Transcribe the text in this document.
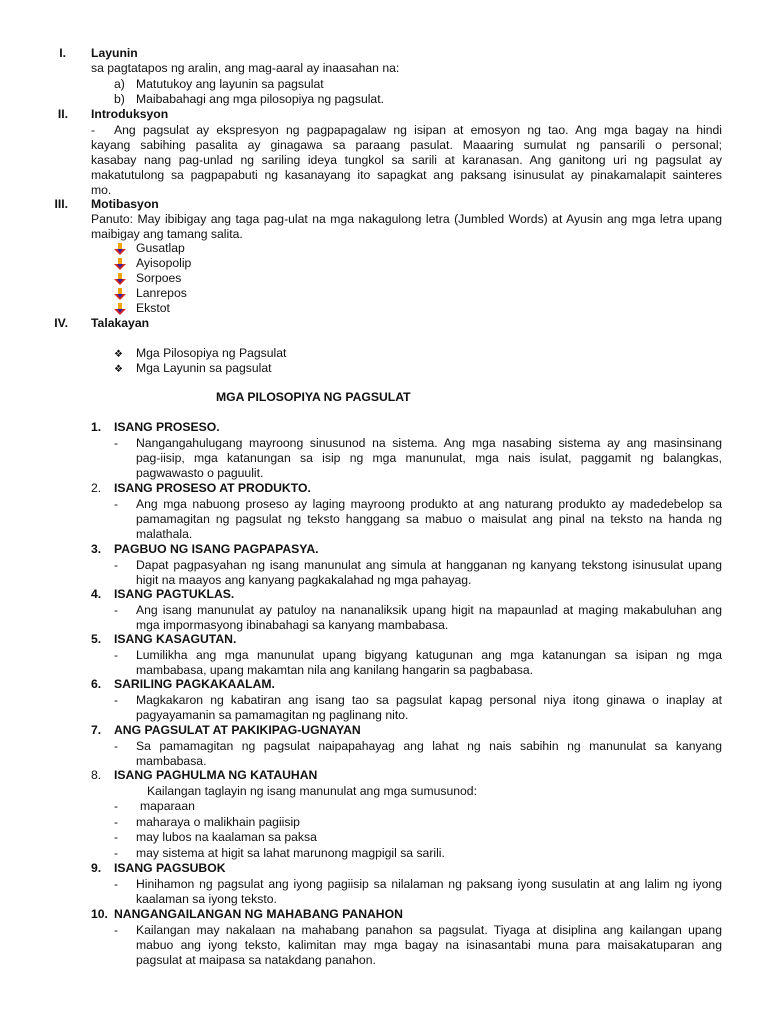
I. Layunin
sa pagtatapos ng aralin, ang mag-aaral ay inaasahan na:
a) Matutukoy ang layunin sa pagsulat
b) Maibabahagi ang mga pilosopiya ng pagsulat.
II. Introduksyon
- Ang pagsulat ay ekspresyon ng pagpapagalaw ng isipan at emosyon ng tao. Ang mga bagay na hindi
kayang sabihing pasalita ay ginagawa sa paraang pasulat. Maaaring sumulat ng pansarili o personal;
kasabay nang pag-unlad ng sariling ideya tungkol sa sarili at karanasan. Ang ganitong uri ng pagsulat ay
makatutulong sa pagpapabuti ng kasanayang ito sapagkat ang paksang isinusulat ay pinakamalapit sainteres
mo.
III. Motibasyon
Panuto: May ibibigay ang taga pag-ulat na mga nakagulong letra (Jumbled Words) at Ayusin ang mga letra upang
maibigay ang tamang salita.
Gusatlap
Ayisopolip
Sorpoes
Lanrepos
Ekstot
IV. Talakayan
❖ Mga Pilosopiya ng Pagsulat
❖ Mga Layunin sa pagsulat
MGA PILOSOPIYA NG PAGSULAT
1. ISANG PROSESO.
- Nangangahulugang mayroong sinusunod na sistema. Ang mga nasabing sistema ay ang masinsinang
pag-iisip, mga katanungan sa isip ng mga manunulat, mga nais isulat, paggamit ng balangkas,
pagwawasto o paguulit.
2. ISANG PROSESO AT PRODUKTO.
- Ang mga nabuong proseso ay laging mayroong produkto at ang naturang produkto ay madedebelop sa
pamamagitan ng pagsulat ng teksto hanggang sa mabuo o maisulat ang pinal na teksto na handa ng
malathala.
3. PAGBUO NG ISANG PAGPAPASYA.
- Dapat pagpasyahan ng isang manunulat ang simula at hangganan ng kanyang tekstong isinusulat upang
higit na maayos ang kanyang pagkakalahad ng mga pahayag.
4. ISANG PAGTUKLAS.
- Ang isang manunulat ay patuloy na nananaliksik upang higit na mapaunlad at maging makabuluhan ang
mga impormasyong ibinabahagi sa kanyang mambabasa.
5. ISANG KASAGUTAN.
- Lumilikha ang mga manunulat upang bigyang katugunan ang mga katanungan sa isipan ng mga
mambabasa, upang makamtan nila ang kanilang hangarin sa pagbabasa.
6. SARILING PAGKAKAALAM.
- Magkakaron ng kabatiran ang isang tao sa pagsulat kapag personal niya itong ginawa o inaplay at
pagyayamanin sa pamamagitan ng paglinang nito.
7. ANG PAGSULAT AT PAKIKIPAG-UGNAYAN
- Sa pamamagitan ng pagsulat naipapahayag ang lahat ng nais sabihin ng manunulat sa kanyang
mambabasa.
8. ISANG PAGHULMA NG KATAUHAN
Kailangan taglayin ng isang manunulat ang mga sumusunod:
- maparaan
- maharaya o malikhain pagiisip
- may lubos na kaalaman sa paksa
- may sistema at higit sa lahat marunong magpigil sa sarili.
9. ISANG PAGSUBOK
- Hinihamon ng pagsulat ang iyong pagiisip sa nilalaman ng paksang iyong susulatin at ang lalim ng iyong
kaalaman sa iyong teksto.
10. NANGANGAILANGAN NG MAHABANG PANAHON
- Kailangan may nakalaan na mahabang panahon sa pagsulat. Tiyaga at disiplina ang kailangan upang
mabuo ang iyong teksto, kalimitan may mga bagay na isinasantabi muna para maisakatuparan ang
pagsulat at maipasa sa natakdang panahon.
